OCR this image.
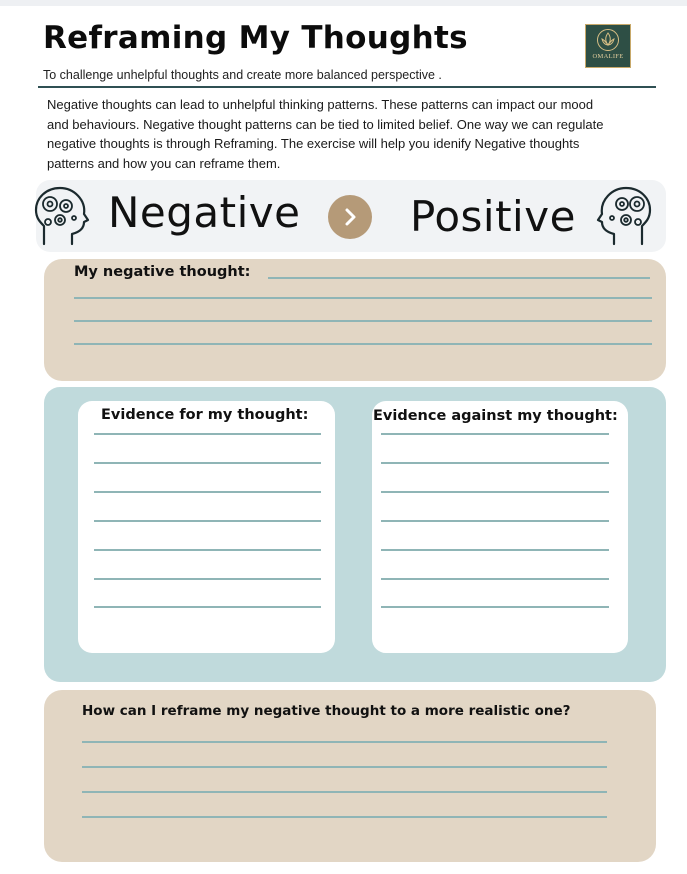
Reframing My Thoughts
To challenge unhelpful thoughts and create more balanced perspective .
OMALIFE

Negative thoughts can lead to unhelpful thinking patterns. These patterns can impact our mood and behaviours. Negative thought patterns can be tied to limited belief. One way we can regulate negative thoughts is through Reframing. The exercise will help you idenify Negative thoughts patterns and how you can reframe them.

Negative	Positive
My negative thought:
Evidence for my thought:	Evidence against my thought:
How can I reframe my negative thought to a more realistic one?
